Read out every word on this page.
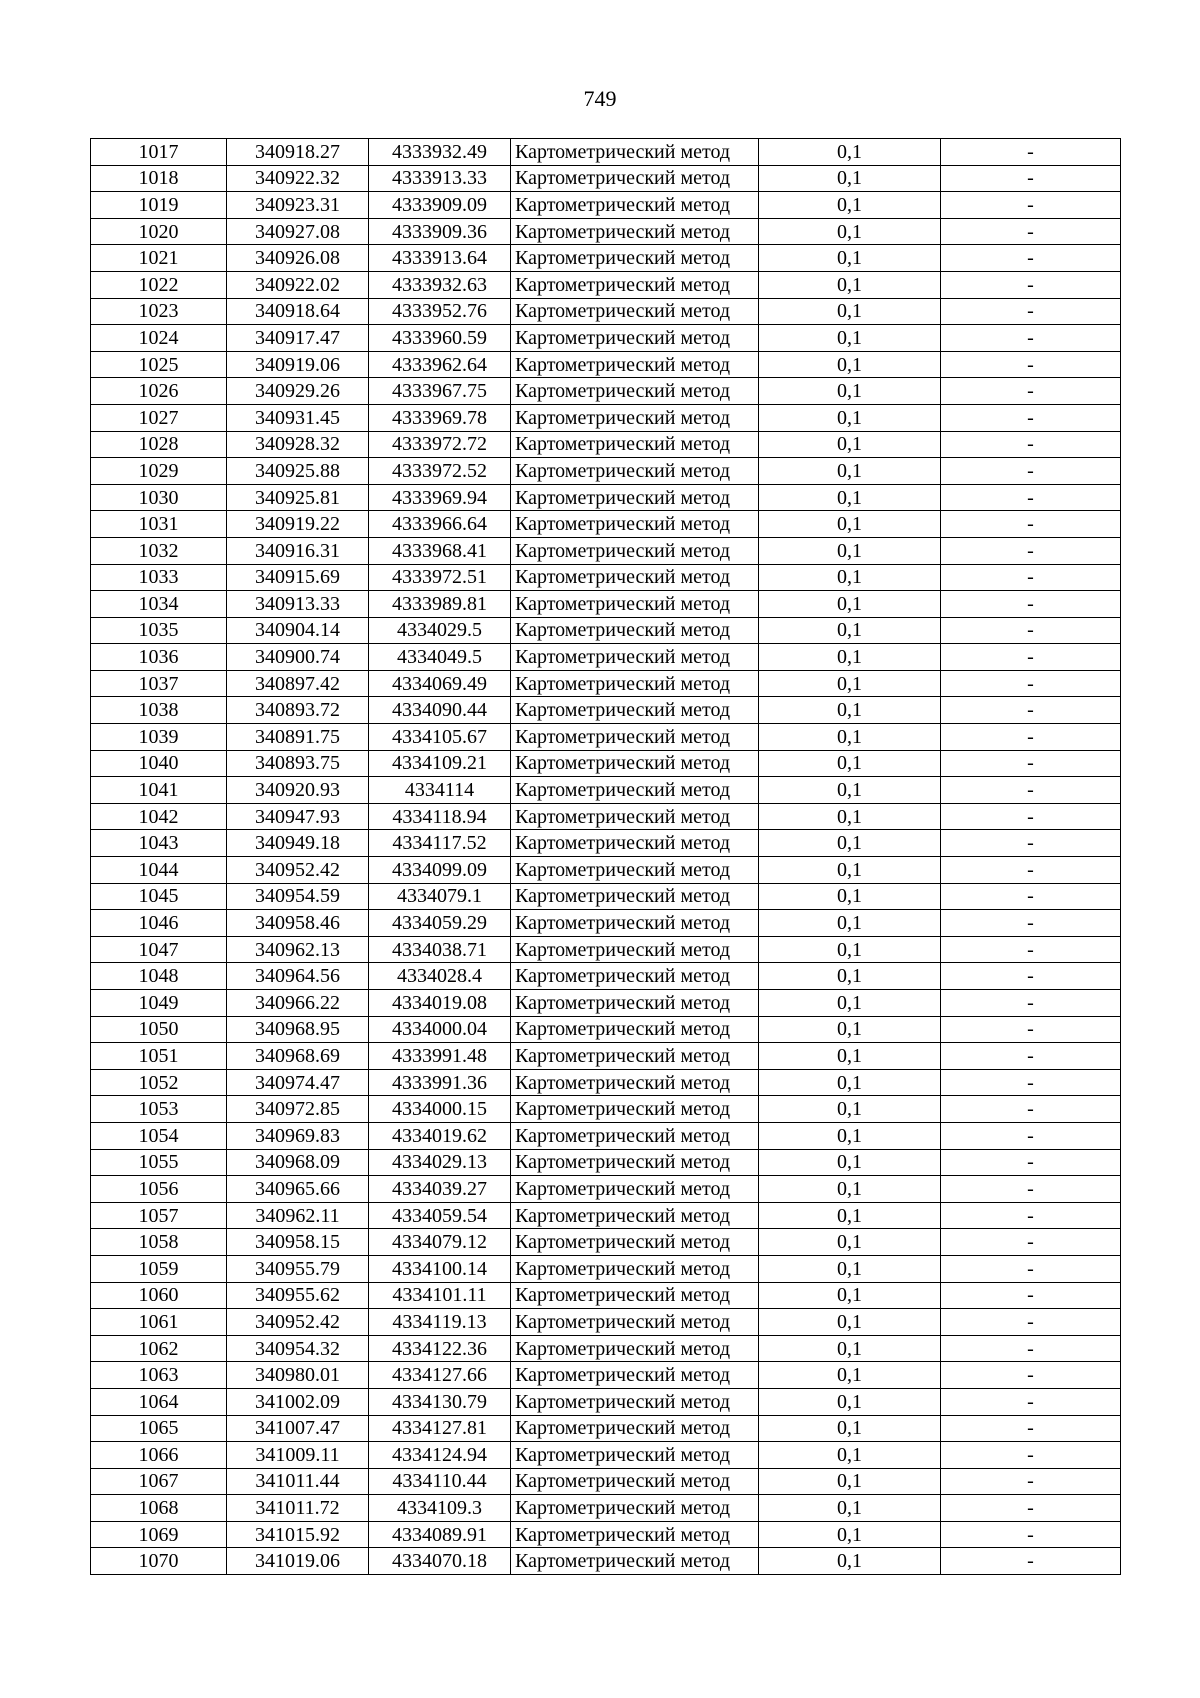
749
1017	340918.27	4333932.49	Картометрический метод	0,1	-
1018	340922.32	4333913.33	Картометрический метод	0,1	-
1019	340923.31	4333909.09	Картометрический метод	0,1	-
1020	340927.08	4333909.36	Картометрический метод	0,1	-
1021	340926.08	4333913.64	Картометрический метод	0,1	-
1022	340922.02	4333932.63	Картометрический метод	0,1	-
1023	340918.64	4333952.76	Картометрический метод	0,1	-
1024	340917.47	4333960.59	Картометрический метод	0,1	-
1025	340919.06	4333962.64	Картометрический метод	0,1	-
1026	340929.26	4333967.75	Картометрический метод	0,1	-
1027	340931.45	4333969.78	Картометрический метод	0,1	-
1028	340928.32	4333972.72	Картометрический метод	0,1	-
1029	340925.88	4333972.52	Картометрический метод	0,1	-
1030	340925.81	4333969.94	Картометрический метод	0,1	-
1031	340919.22	4333966.64	Картометрический метод	0,1	-
1032	340916.31	4333968.41	Картометрический метод	0,1	-
1033	340915.69	4333972.51	Картометрический метод	0,1	-
1034	340913.33	4333989.81	Картометрический метод	0,1	-
1035	340904.14	4334029.5	Картометрический метод	0,1	-
1036	340900.74	4334049.5	Картометрический метод	0,1	-
1037	340897.42	4334069.49	Картометрический метод	0,1	-
1038	340893.72	4334090.44	Картометрический метод	0,1	-
1039	340891.75	4334105.67	Картометрический метод	0,1	-
1040	340893.75	4334109.21	Картометрический метод	0,1	-
1041	340920.93	4334114	Картометрический метод	0,1	-
1042	340947.93	4334118.94	Картометрический метод	0,1	-
1043	340949.18	4334117.52	Картометрический метод	0,1	-
1044	340952.42	4334099.09	Картометрический метод	0,1	-
1045	340954.59	4334079.1	Картометрический метод	0,1	-
1046	340958.46	4334059.29	Картометрический метод	0,1	-
1047	340962.13	4334038.71	Картометрический метод	0,1	-
1048	340964.56	4334028.4	Картометрический метод	0,1	-
1049	340966.22	4334019.08	Картометрический метод	0,1	-
1050	340968.95	4334000.04	Картометрический метод	0,1	-
1051	340968.69	4333991.48	Картометрический метод	0,1	-
1052	340974.47	4333991.36	Картометрический метод	0,1	-
1053	340972.85	4334000.15	Картометрический метод	0,1	-
1054	340969.83	4334019.62	Картометрический метод	0,1	-
1055	340968.09	4334029.13	Картометрический метод	0,1	-
1056	340965.66	4334039.27	Картометрический метод	0,1	-
1057	340962.11	4334059.54	Картометрический метод	0,1	-
1058	340958.15	4334079.12	Картометрический метод	0,1	-
1059	340955.79	4334100.14	Картометрический метод	0,1	-
1060	340955.62	4334101.11	Картометрический метод	0,1	-
1061	340952.42	4334119.13	Картометрический метод	0,1	-
1062	340954.32	4334122.36	Картометрический метод	0,1	-
1063	340980.01	4334127.66	Картометрический метод	0,1	-
1064	341002.09	4334130.79	Картометрический метод	0,1	-
1065	341007.47	4334127.81	Картометрический метод	0,1	-
1066	341009.11	4334124.94	Картометрический метод	0,1	-
1067	341011.44	4334110.44	Картометрический метод	0,1	-
1068	341011.72	4334109.3	Картометрический метод	0,1	-
1069	341015.92	4334089.91	Картометрический метод	0,1	-
1070	341019.06	4334070.18	Картометрический метод	0,1	-
